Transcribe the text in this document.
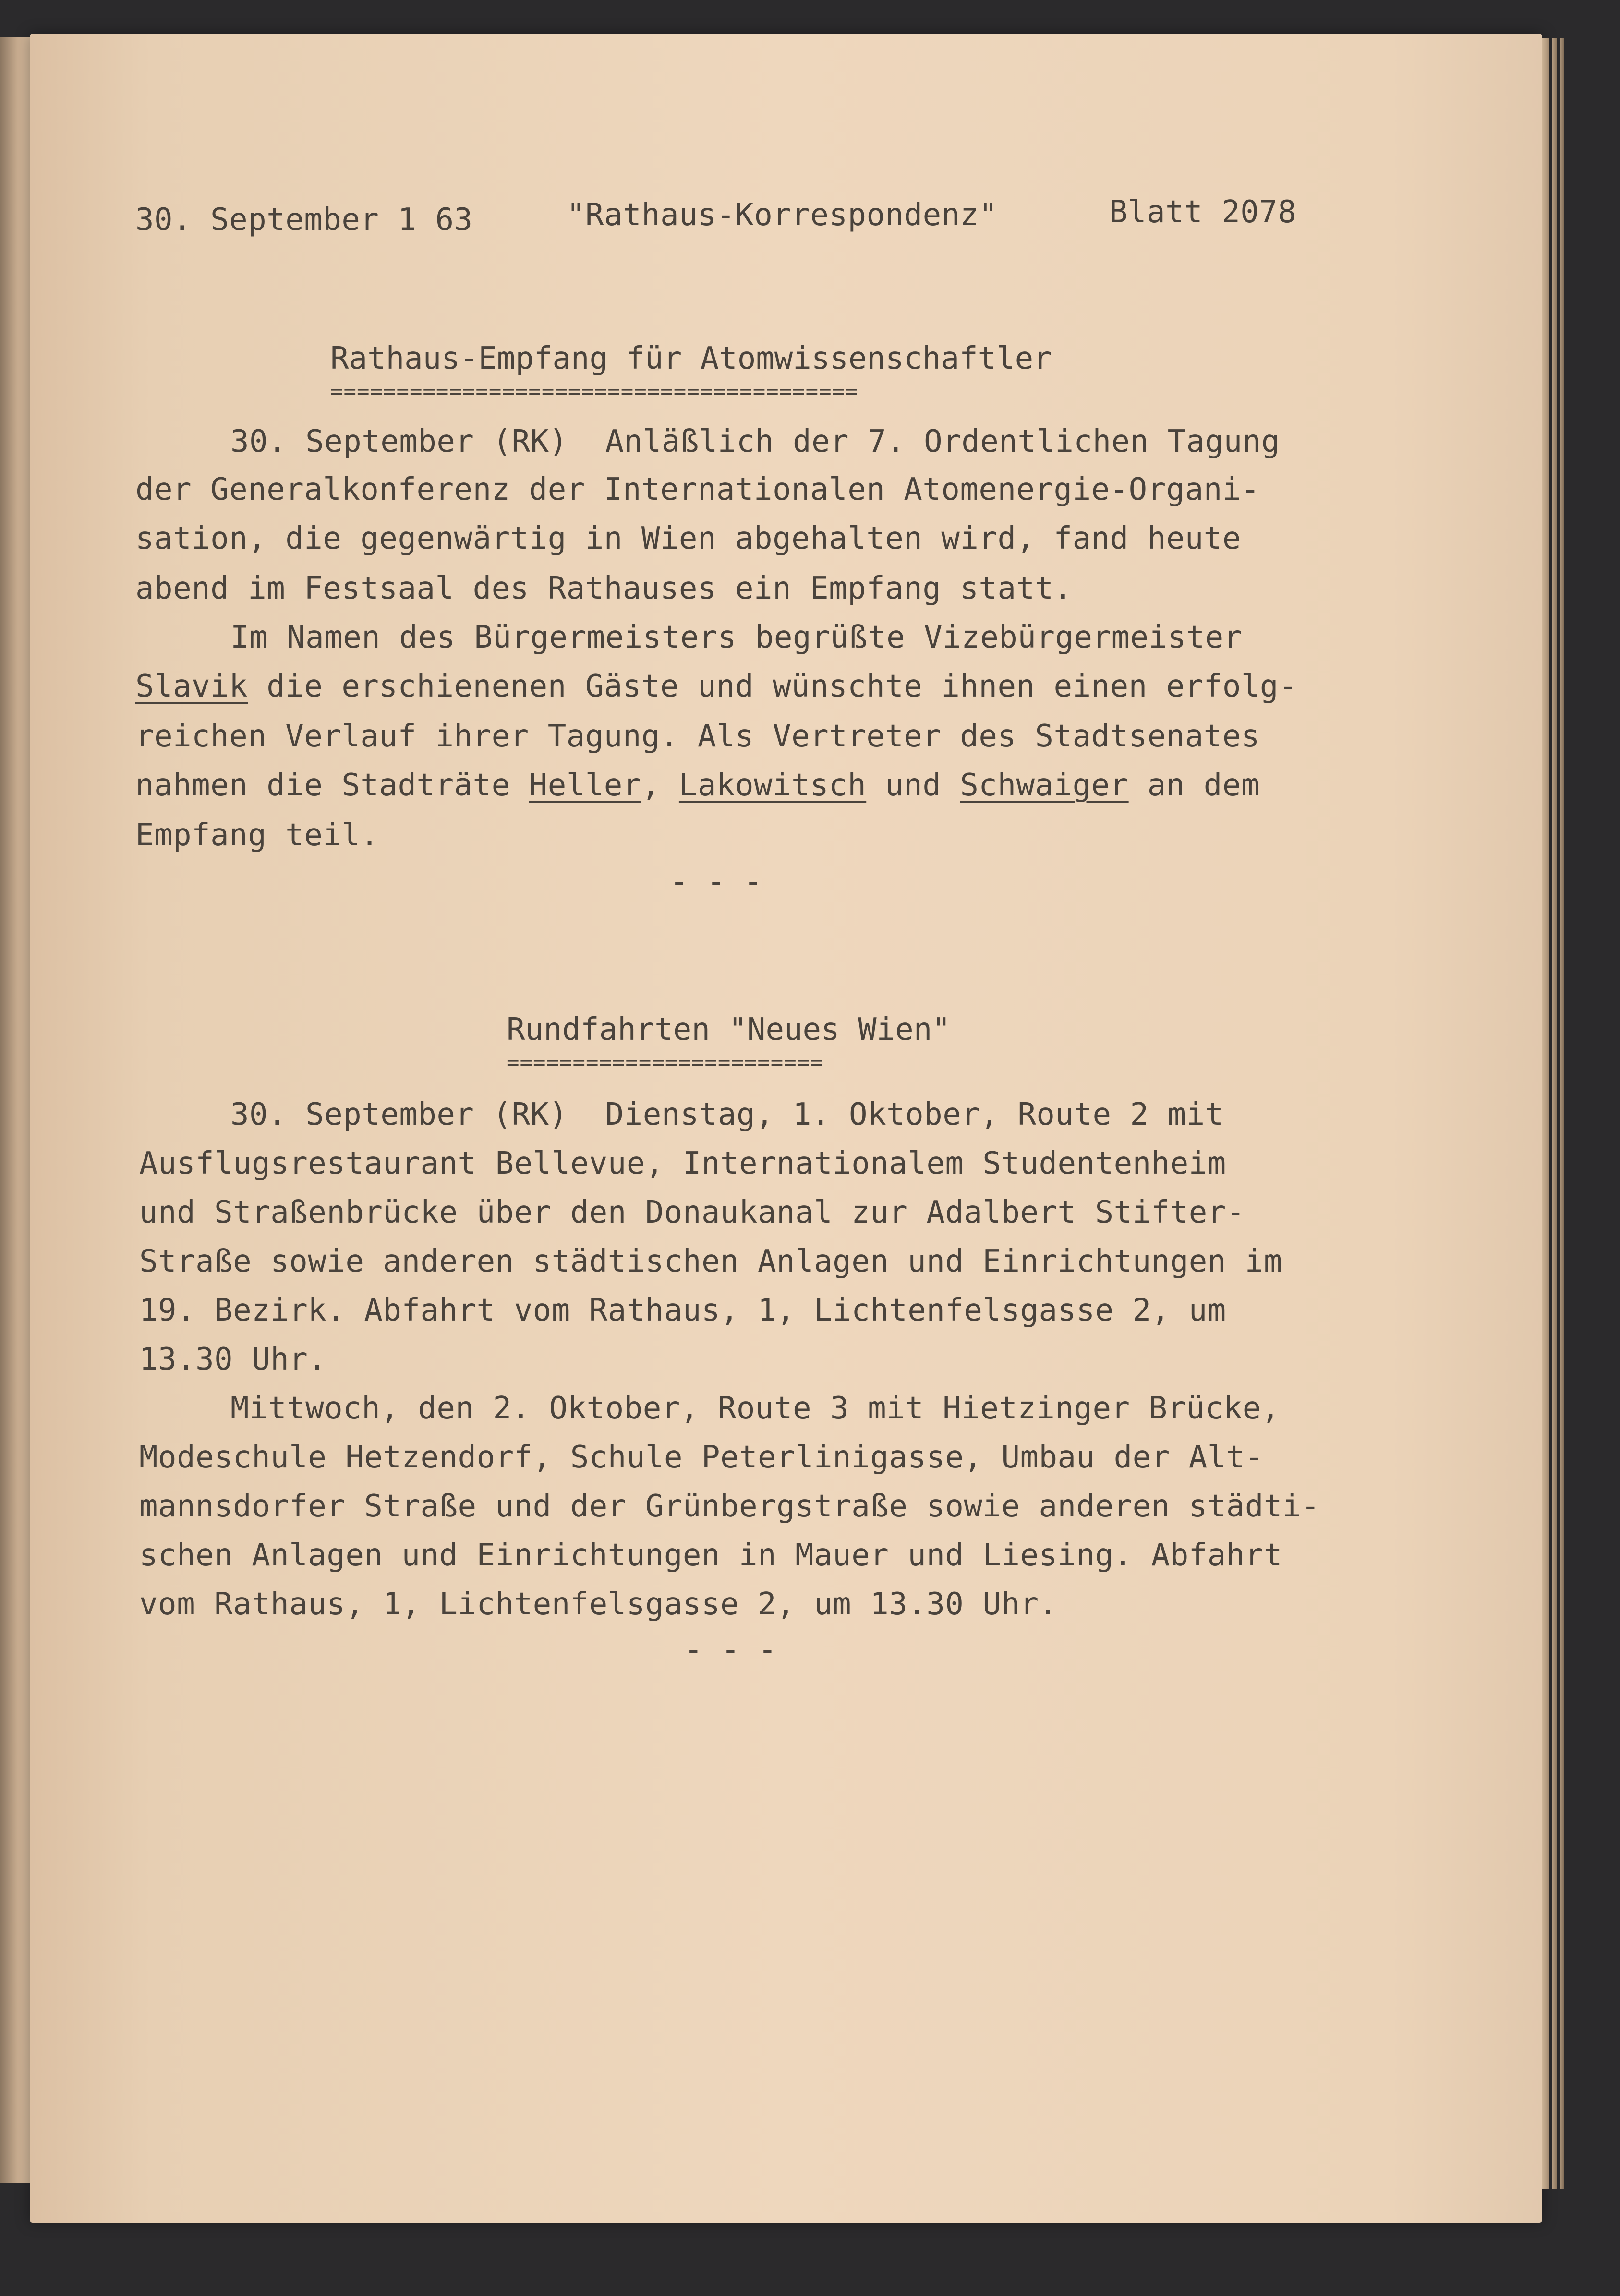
30. September 1 63	"Rathaus-Korrespondenz"	Blatt 2078
Rathaus-Empfang für Atomwissenschaftler
========================================
30. September (RK)  Anläßlich der 7. Ordentlichen Tagung
der Generalkonferenz der Internationalen Atomenergie-Organi-
sation, die gegenwärtig in Wien abgehalten wird, fand heute
abend im Festsaal des Rathauses ein Empfang statt.
Im Namen des Bürgermeisters begrüßte Vizebürgermeister
Slavik die erschienenen Gäste und wünschte ihnen einen erfolg-
reichen Verlauf ihrer Tagung. Als Vertreter des Stadtsenates
nahmen die Stadträte Heller, Lakowitsch und Schwaiger an dem
Empfang teil.
- - -
Rundfahrten "Neues Wien"
========================
30. September (RK)  Dienstag, 1. Oktober, Route 2 mit
Ausflugsrestaurant Bellevue, Internationalem Studentenheim
und Straßenbrücke über den Donaukanal zur Adalbert Stifter-
Straße sowie anderen städtischen Anlagen und Einrichtungen im
19. Bezirk. Abfahrt vom Rathaus, 1, Lichtenfelsgasse 2, um
13.30 Uhr.
Mittwoch, den 2. Oktober, Route 3 mit Hietzinger Brücke,
Modeschule Hetzendorf, Schule Peterlinigasse, Umbau der Alt-
mannsdorfer Straße und der Grünbergstraße sowie anderen städti-
schen Anlagen und Einrichtungen in Mauer und Liesing. Abfahrt
vom Rathaus, 1, Lichtenfelsgasse 2, um 13.30 Uhr.
- - -
